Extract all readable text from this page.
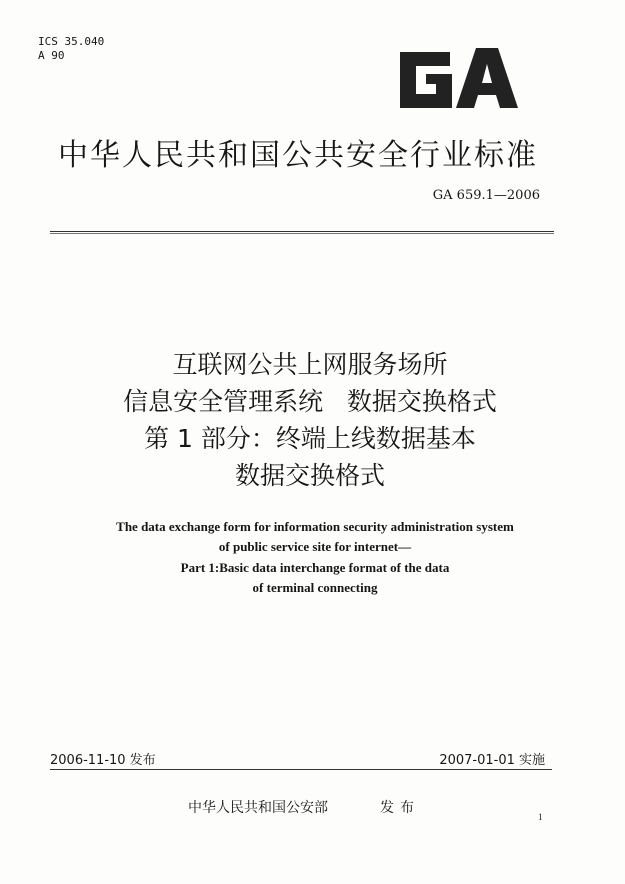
ICS 35.040
A 90
中华人民共和国公共安全行业标准
GA 659.1—2006
互联网公共上网服务场所
信息安全管理系统   数据交换格式
第 1 部分：终端上线数据基本
数据交换格式
The data exchange form for information security administration system
of public service site for internet—
Part 1:Basic data interchange format of the data
of terminal connecting
2006-11-10 发布	2007-01-01 实施
中华人民共和国公安部	发布
1
